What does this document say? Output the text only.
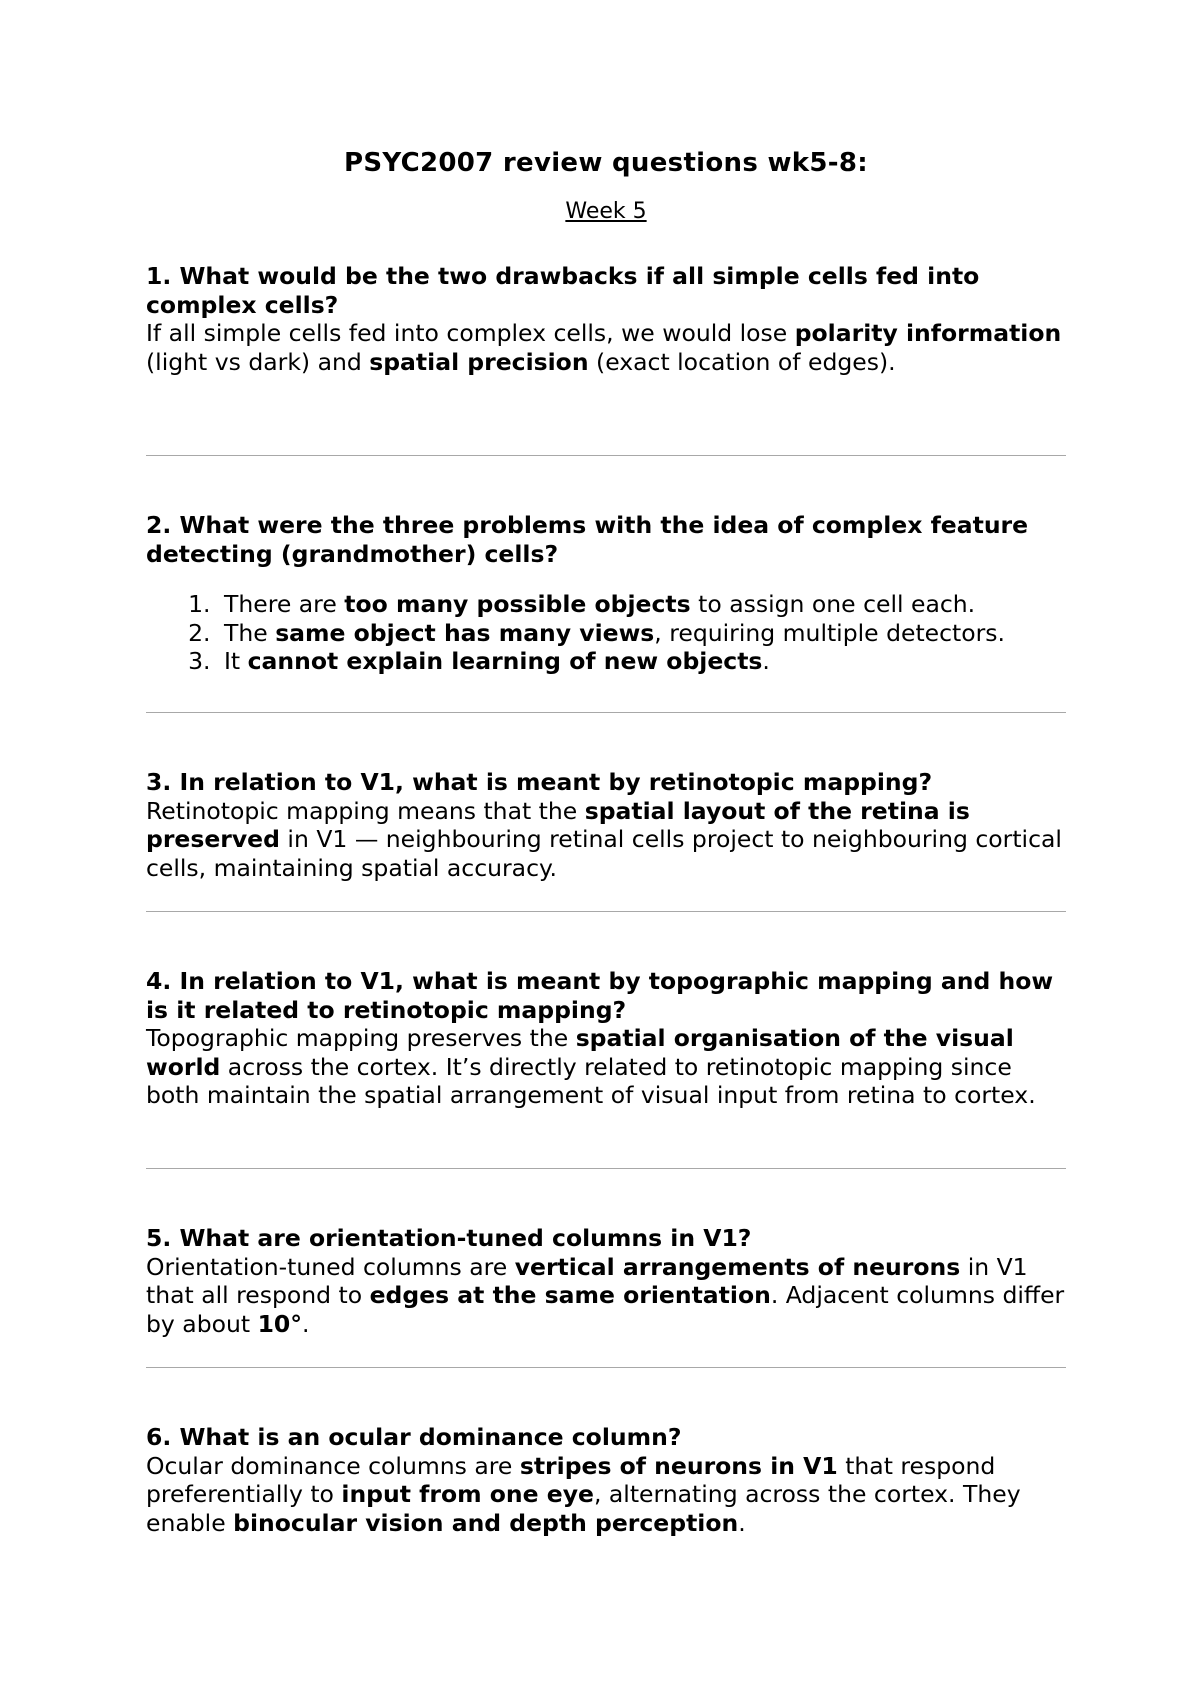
PSYC2007 review questions wk5-8:
Week 5

1. What would be the two drawbacks if all simple cells fed into complex cells?

If all simple cells fed into complex cells, we would lose polarity information (light vs dark) and spatial precision (exact location of edges).

2. What were the three problems with the idea of complex feature detecting (grandmother) cells?

1. There are too many possible objects to assign one cell each.
2. The same object has many views, requiring multiple detectors.
3. It cannot explain learning of new objects.

3. In relation to V1, what is meant by retinotopic mapping?

Retinotopic mapping means that the spatial layout of the retina is preserved in V1 — neighbouring retinal cells project to neighbouring cortical cells, maintaining spatial accuracy.

4. In relation to V1, what is meant by topographic mapping and how is it related to retinotopic mapping?

Topographic mapping preserves the spatial organisation of the visual world across the cortex. It’s directly related to retinotopic mapping since both maintain the spatial arrangement of visual input from retina to cortex.

5. What are orientation-tuned columns in V1?

Orientation-tuned columns are vertical arrangements of neurons in V1 that all respond to edges at the same orientation. Adjacent columns differ by about 10°.

6. What is an ocular dominance column?

Ocular dominance columns are stripes of neurons in V1 that respond preferentially to input from one eye, alternating across the cortex. They enable binocular vision and depth perception.
